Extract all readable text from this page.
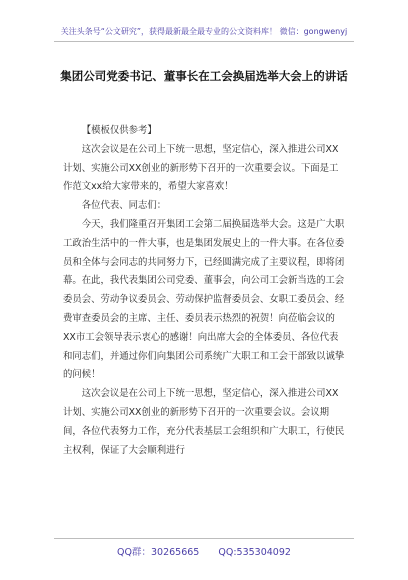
关注头条号“公文研究”，获得最新最全最专业的公文资料库！ 微信：gongwenyj
集团公司党委书记、董事长在工会换届选举大会上的讲话

【模板仅供参考】

这次会议是在公司上下统一思想，坚定信心，深入推进公司XX计划、实施公司XX创业的新形势下召开的一次重要会议。下面是工作范文xx给大家带来的，希望大家喜欢！

各位代表、同志们：

今天，我们隆重召开集团工会第二届换届选举大会。这是广大职工政治生活中的一件大事，也是集团发展史上的一件大事。在各位委员和全体与会同志的共同努力下，已经圆满完成了主要议程，即将闭幕。在此，我代表集团公司党委、董事会，向公司工会新当选的工会委员会、劳动争议委员会、劳动保护监督委员会、女职工委员会、经费审查委员会的主席、主任、委员表示热烈的祝贺！向莅临会议的XX市工会领导表示衷心的感谢！向出席大会的全体委员、各位代表和同志们，并通过你们向集团公司系统广大职工和工会干部致以诚挚的问候！

这次会议是在公司上下统一思想，坚定信心，深入推进公司XX计划、实施公司XX创业的新形势下召开的一次重要会议。会议期间，各位代表努力工作，充分代表基层工会组织和广大职工，行使民主权利，保证了大会顺利进行

QQ群：30265665 QQ:535304092
